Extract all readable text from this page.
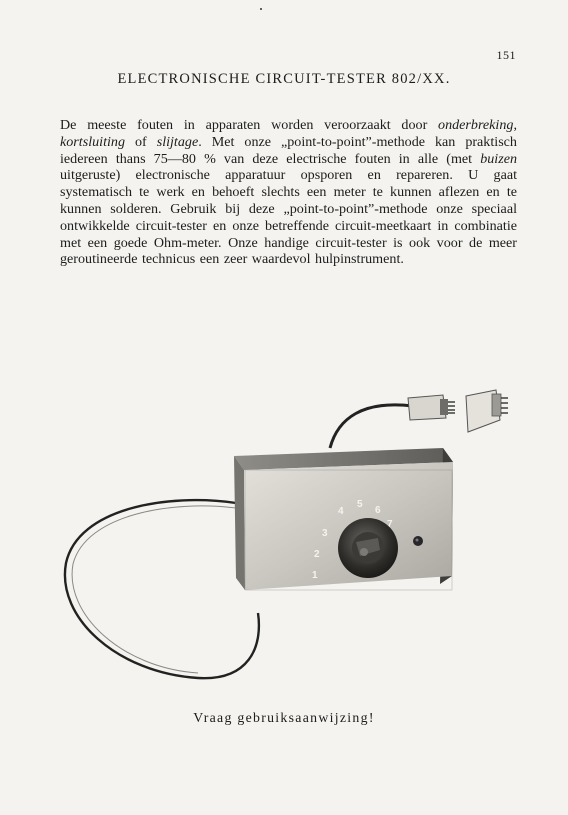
151
ELECTRONISCHE CIRCUIT-TESTER 802/XX.
De meeste fouten in apparaten worden veroorzaakt door onderbreking, kortsluiting of slijtage. Met onze „point-to-point”-methode kan praktisch iedereen thans 75—80 % van deze electrische fouten in alle (met buizen uitgeruste) electronische apparatuur opsporen en repareren. U gaat systematisch te werk en behoeft slechts een meter te kunnen aflezen en te kunnen solderen. Gebruik bij deze „point-to-point”-methode onze speciaal ontwikkelde circuit-tester en onze betreffende circuit-meetkaart in combinatie met een goede Ohm-meter. Onze handige circuit-tester is ook voor de meer geroutineerde technicus een zeer waardevol hulpinstrument.
1
2
3
4
5
6
7
Vraag gebruiksaanwijzing!
